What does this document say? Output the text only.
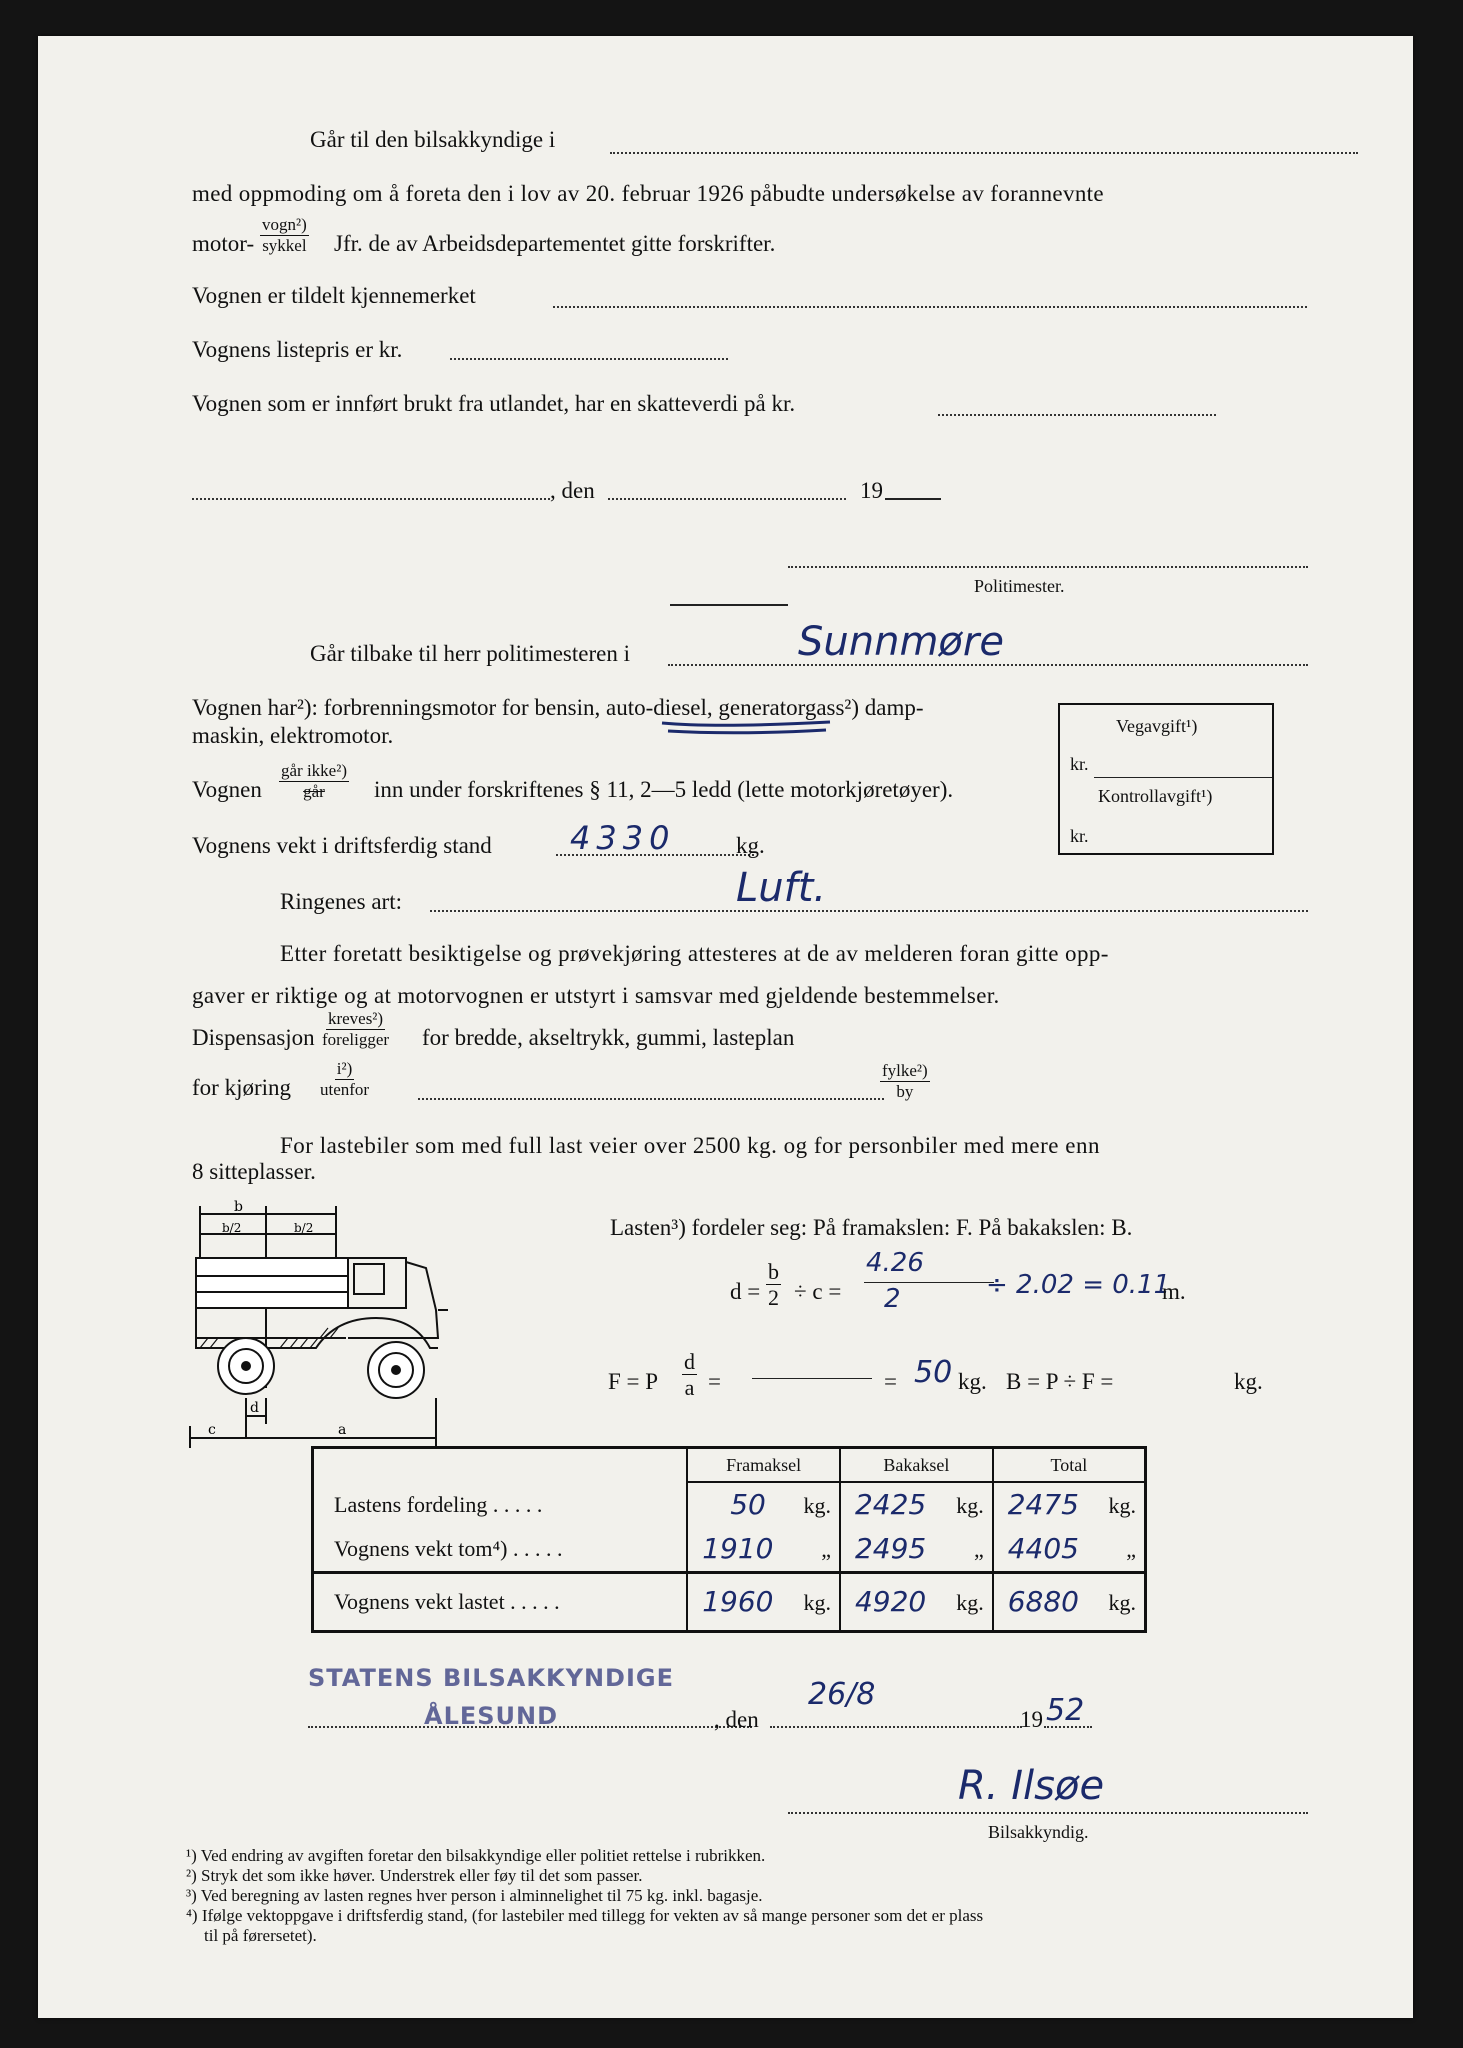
Går til den bilsakkyndige i
med oppmoding om å foreta den i lov av 20. februar 1926 påbudte undersøkelse av forannevnte
motor-
vogn²)
sykkel Jfr. de av Arbeidsdepartementet gitte forskrifter.
Vognen er tildelt kjennemerket
Vognens listepris er kr.
Vognen som er innført brukt fra utlandet, har en skatteverdi på kr.
, den	19
Politimester.
Går tilbake til herr politimesteren i	Sunnmøre
Vognen har²): forbrenningsmotor for bensin, auto-diesel, generatorgass²) damp-
maskin, elektromotor.
Vognen
går ikke²)
går inn under forskriftenes § 11, 2—5 ledd (lette motorkjøretøyer).
Vegavgift¹)
kr.
Kontrollavgift¹)
kr.
Vognens vekt i driftsferdig stand 4330	kg.
Ringenes art:	Luft.
Etter foretatt besiktigelse og prøvekjøring attesteres at de av melderen foran gitte opp-
gaver er riktige og at motorvognen er utstyrt i samsvar med gjeldende bestemmelser.
Dispensasjon
kreves²)
foreligger for bredde, akseltrykk, gummi, lasteplan
for kjøring
i²)
utenfor
fylke²)
by
For lastebiler som med full last veier over 2500 kg. og for personbiler med mere enn
8 sitteplasser.
b
b/2	b/2
d
c	a
Lasten³) fordeler seg: På framakslen: F. På bakakslen: B.
$d = \frac{b}{2} \div c$ =
4.26
2	÷ 2.02 = 0.11
m.
F = P $\frac{d}{a}$ =	= 50 kg. B = P ÷ F =	kg.
	Framaksel	Bakaksel	Total
Lastens fordeling . . . . .	50 kg.	2425 kg.	2475 kg.

Vognens vekt tom⁴) . . . . .	1910 „	2495 „	4405 „

Vognens vekt lastet . . . . .	1960 kg.	4920 kg.	6880 kg.
STATENS BILSAKKYNDIGE
ÅLESUND	, den
26/8
19 52
R. Ilsøe
Bilsakkyndig.
¹) Ved endring av avgiften foretar den bilsakkyndige eller politiet rettelse i rubrikken.
²) Stryk det som ikke høver. Understrek eller føy til det som passer.
³) Ved beregning av lasten regnes hver person i alminnelighet til 75 kg. inkl. bagasje.
⁴) Ifølge vektoppgave i driftsferdig stand, (for lastebiler med tillegg for vekten av så mange personer som det er plass
til på førersetet).
